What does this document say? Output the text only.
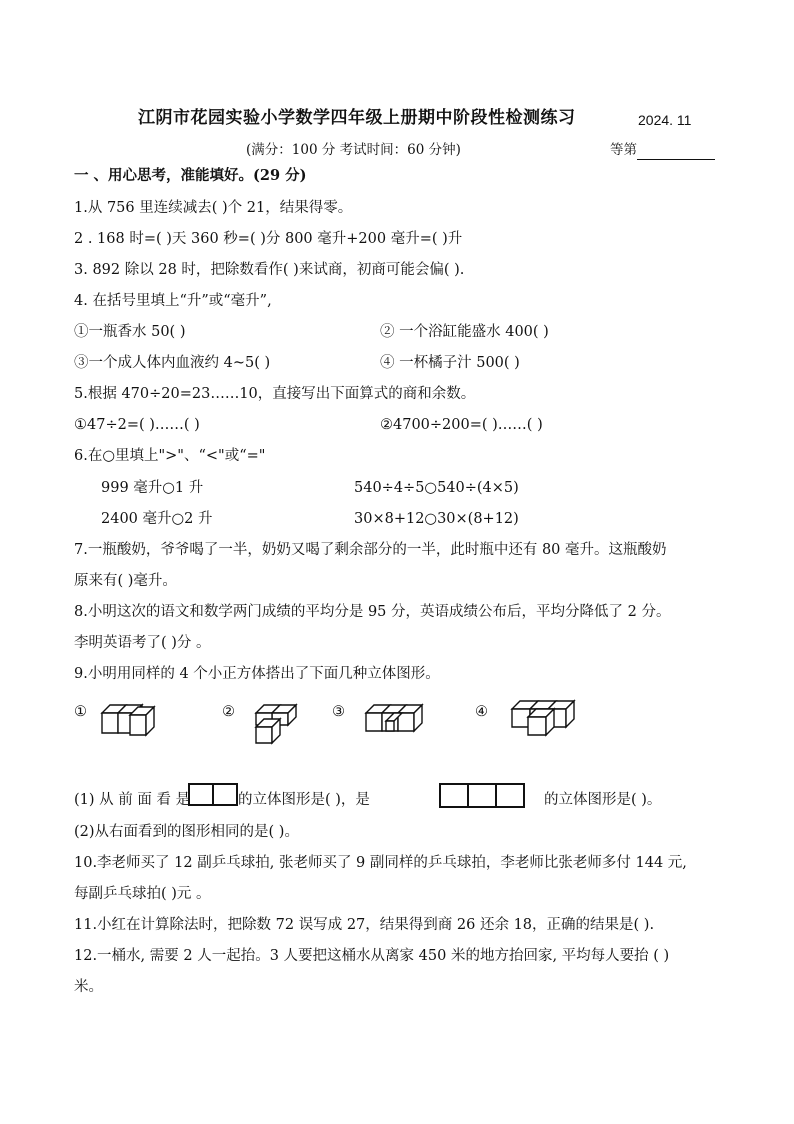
江阴市花园实验小学数学四年级上册期中阶段性检测练习	2024. 11
(满分：100 分 考试时间：60 分钟)	等第
一 、用心思考，准能填好。(29 分)
1.从 756 里连续减去( )个 21，结果得零。
2 . 168 时=( )天 360 秒=( )分 800 毫升+200 毫升=( )升
3. 892 除以 28 时，把除数看作( )来试商，初商可能会偏( ).
4. 在括号里填上“升”或“毫升”,
①一瓶香水 50( )	② 一个浴缸能盛水 400( )
③一个成人体内血液约 4~5( )	④ 一杯橘子汁 500( )
5.根据 470÷20=23……10，直接写出下面算式的商和余数。
①47÷2=( )……( )	②4700÷200=( )……( )
6.在○里填上">"、“<"或“="
999 毫升○1 升	540÷4÷5○540÷(4×5)
2400 毫升○2 升	30×8+12○30×(8+12)
7.一瓶酸奶，爷爷喝了一半，奶奶又喝了剩余部分的一半，此时瓶中还有 80 毫升。这瓶酸奶
原来有( )毫升。
8.小明这次的语文和数学两门成绩的平均分是 95 分，英语成绩公布后，平均分降低了 2 分。
李明英语考了( )分 。
9.小明用同样的 4 个小正方体搭出了下面几种立体图形。
①	②	③	④
(1) 从 前 面 看 是	的立体图形是( )，是	的立体图形是( )。
(2)从右面看到的图形相同的是( )。
10.李老师买了 12 副乒乓球拍, 张老师买了 9 副同样的乒乓球拍，李老师比张老师多付 144 元,
每副乒乓球拍( )元 。
11.小红在计算除法时，把除数 72 误写成 27，结果得到商 26 还余 18，正确的结果是( ).
12.一桶水, 需要 2 人一起抬。3 人要把这桶水从离家 450 米的地方抬回家, 平均每人要抬 ( )
米。
